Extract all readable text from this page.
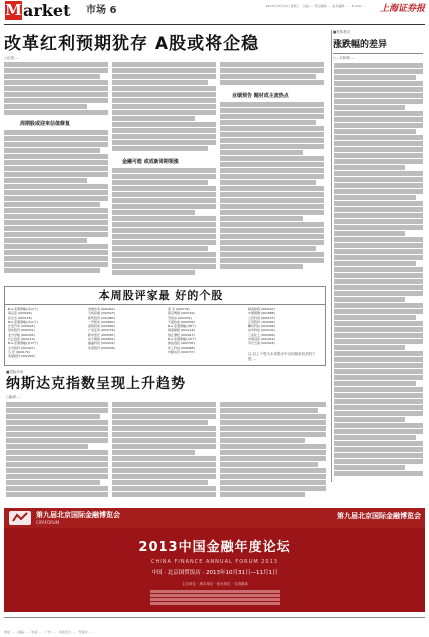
M arket 市场 6	2013年10月30日 星期三 · 主编:...· 责任编辑: ... 美术编辑: ... · E-mail: ... 上海证券报
改革红利预期犹存 A股或将企稳
○记者 ...
周期股或迎来估值修复
金融可能 或成新周期领涨
业绩预告 题材成主流热点
■机构观点
涨跌幅的差异
○...分析师 ...
本周股评家最 好的个股
B.A.宏观策略(共11个)
海岛宏 (000526)
民生水 (600118)
B.A.宏观策略(共11个)
长安汽车 (000625)
冠农股份 (600251)
北方导航 (600435)
长江投资 (600119)
B.A.宏观策略(共13个)
尤夫股份 (002427)
五 洋 (600179)
兆驰股份 (002429)
洪城水务 (600461)
天桥起重 (002523)
新筑股份 (002480)
一汽轿车 (000800)
深圳机场 (000089)
广发证券 (000776)
新华医疗 (600587)
东方明珠 (600832)
福晶科技 (002222)
华西股份 (000936)
泰 禾 (000732)
燕京啤酒 (000729)
苏泊尔 (002032)
天富热电 (600509)
B.A.宏观策略(共8个)
海南橡胶 (601118)
钱江摩托 (000913)
B.A.宏观策略(共9个)
鲁信创投 (600783)
华工科技 (000988)
中粮屯河 (600737)
联美控股 (600167)
中国国旅 (601888)
兰花科创 (600123)
汇冠股份 (300282)
精功科技 (002006)
东华科技 (002140)
三友化工 (600409)
中国远洋 (601919)
苏宁云商 (002024)
注:以上个股为本周股评中出现频率较高的个股,...
■国际市场
纳斯达克指数呈现上升趋势
○编译 ...
第九届北京国际金融博览会
CIFAFORUM
第九届北京国际金融博览会
2013中国金融年度论坛
CHINA FINANCE ANNUAL FORUM 2013
中国 · 北京国贸饭店 · 2013年10月31日—11月1日
主办单位 · 承办单位 · 协办单位 · 支持媒体
地址: ... · 邮编: ... · 电话: ... · 广告: ... · 本报发行: ... · 零售价: ...
